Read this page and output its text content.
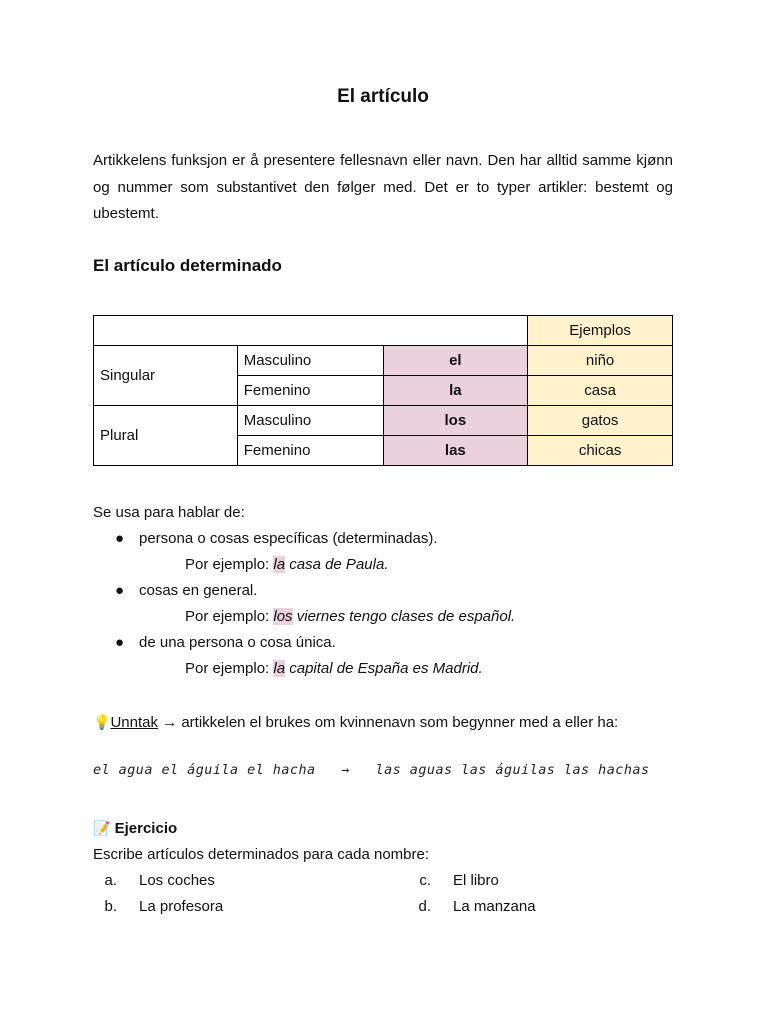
El artículo

Artikkelens funksjon er å presentere fellesnavn eller navn. Den har alltid samme kjønn og nummer som substantivet den følger med. Det er to typer artikler: bestemt og ubestemt.

El artículo determinado
			Ejemplos
Singular	Masculino	el	niño
	Femenino	la	casa
Plural	Masculino	los	gatos
	Femenino	las	chicas

Se usa para hablar de:

● persona o cosas específicas (determinadas).

Por ejemplo: la casa de Paula.

● cosas en general.

Por ejemplo: los viernes tengo clases de español.

● de una persona o cosa única.

Por ejemplo: la capital de España es Madrid.

💡Unntak → artikkelen el brukes om kvinnenavn som begynner med a eller ha:
el agua el águila el hacha → las aguas las águilas las hachas

📝 Ejercicio

Escribe artículos determinados para cada nombre:

a. Los coches
b. La profesora
c. El libro
d. La manzana
